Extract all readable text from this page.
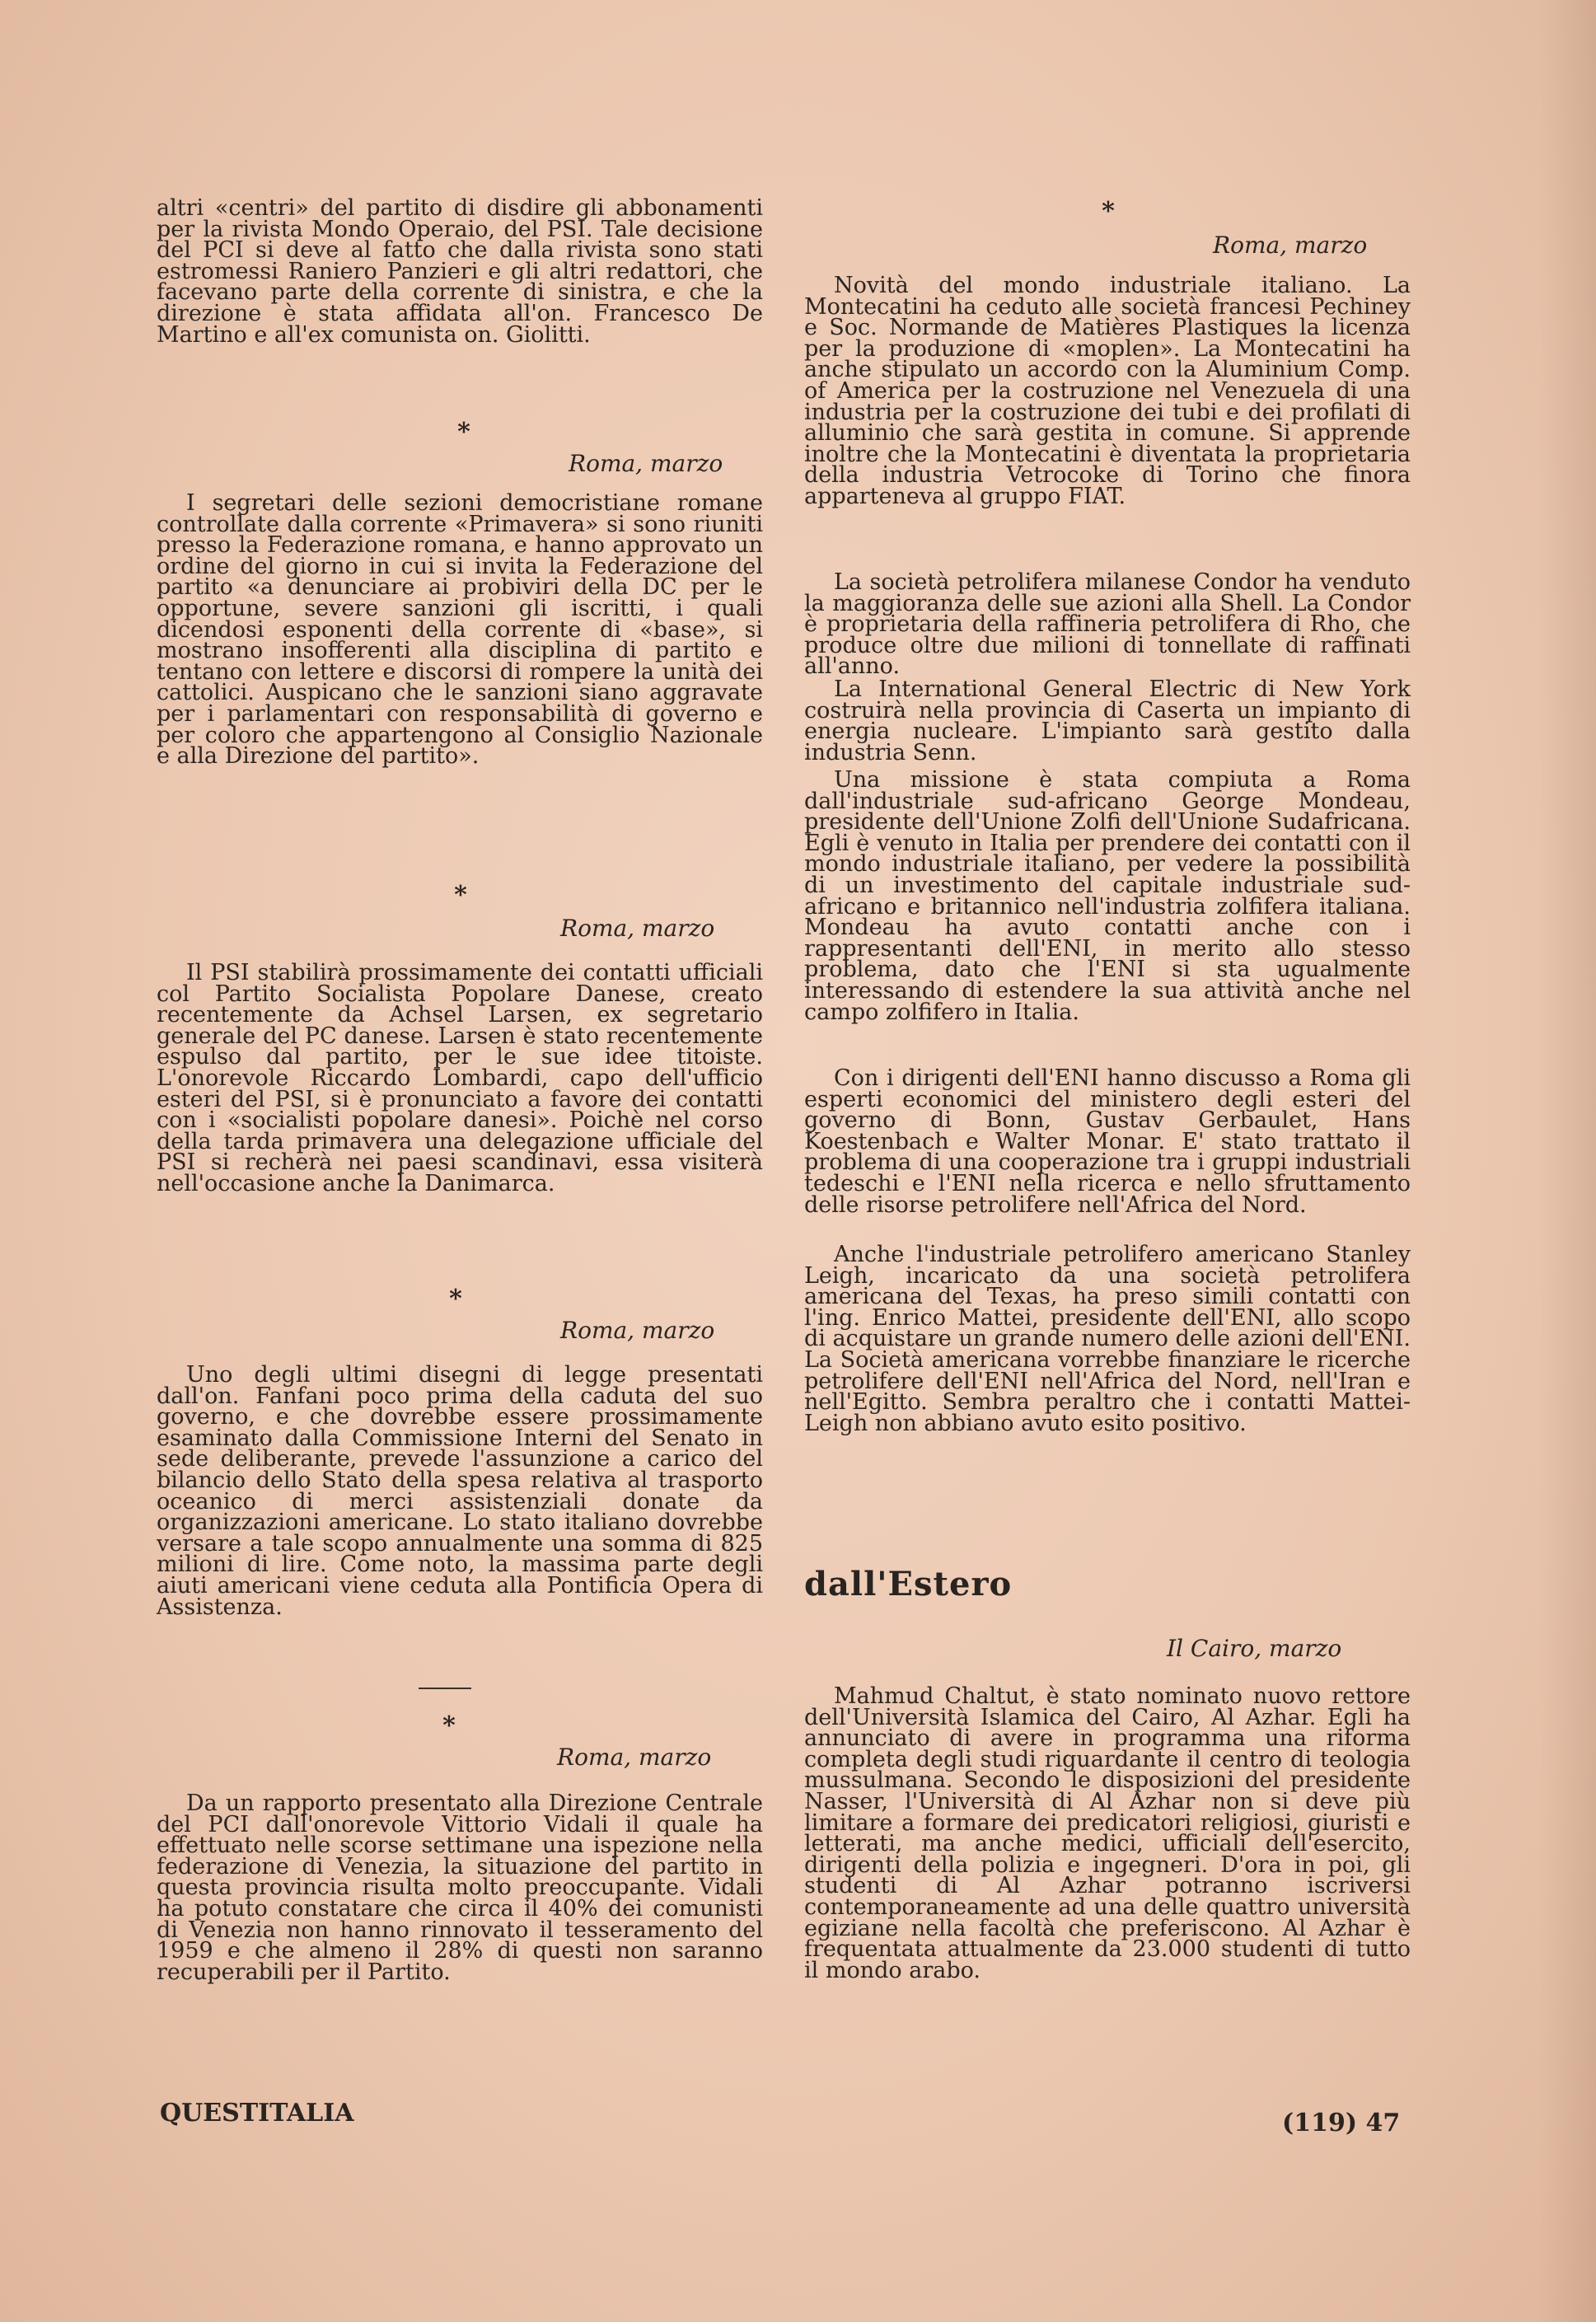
altri «centri» del partito di disdire gli abbonamenti per la rivista Mondo Operaio, del PSI. Tale decisione del PCI si deve al fatto che dalla rivista sono stati estromessi Raniero Panzieri e gli altri redattori, che facevano parte della corrente di sinistra, e che la direzione è stata affidata all'on. Francesco De Martino e all'ex comunista on. Giolitti.

*
Roma, marzo

I segretari delle sezioni democristiane romane controllate dalla corrente «Primavera» si sono riuniti presso la Federazione romana, e hanno approvato un ordine del giorno in cui si invita la Federazione del partito «a denunciare ai probiviri della DC per le opportune, severe sanzioni gli iscritti, i quali dicendosi esponenti della corrente di «base», si mostrano insofferenti alla disciplina di partito e tentano con lettere e discorsi di rompere la unità dei cattolici. Auspicano che le sanzioni siano aggravate per i parlamentari con responsabilità di governo e per coloro che appartengono al Consiglio Nazionale e alla Direzione del partito».

*
Roma, marzo

Il PSI stabilirà prossimamente dei contatti ufficiali col Partito Socialista Popolare Danese, creato recentemente da Achsel Larsen, ex segretario generale del PC danese. Larsen è stato recentemente espulso dal partito, per le sue idee titoiste. L'onorevole Riccardo Lombardi, capo dell'ufficio esteri del PSI, si è pronunciato a favore dei contatti con i «socialisti popolare danesi». Poichè nel corso della tarda primavera una delegazione ufficiale del PSI si recherà nei paesi scandinavi, essa visiterà nell'occasione anche la Danimarca.

*
Roma, marzo

Uno degli ultimi disegni di legge presentati dall'on. Fanfani poco prima della caduta del suo governo, e che dovrebbe essere prossimamente esaminato dalla Commissione Interni del Senato in sede deliberante, prevede l'assunzione a carico del bilancio dello Stato della spesa relativa al trasporto oceanico di merci assistenziali donate da organizzazioni americane. Lo stato italiano dovrebbe versare a tale scopo annualmente una somma di 825 milioni di lire. Come noto, la massima parte degli aiuti americani viene ceduta alla Pontificia Opera di Assistenza.

*
Roma, marzo

Da un rapporto presentato alla Direzione Centrale del PCI dall'onorevole Vittorio Vidali il quale ha effettuato nelle scorse settimane una ispezione nella federazione di Venezia, la situazione del partito in questa provincia risulta molto preoccupante. Vidali ha potuto constatare che circa il 40% dei comunisti di Venezia non hanno rinnovato il tesseramento del 1959 e che almeno il 28% di questi non saranno recuperabili per il Partito.

*
Roma, marzo

Novità del mondo industriale italiano. La Montecatini ha ceduto alle società francesi Pechiney e Soc. Normande de Matières Plastiques la licenza per la produzione di «moplen». La Montecatini ha anche stipulato un accordo con la Aluminium Comp. of America per la costruzione nel Venezuela di una industria per la costruzione dei tubi e dei profilati di alluminio che sarà gestita in comune. Si apprende inoltre che la Montecatini è diventata la proprietaria della industria Vetrocoke di Torino che finora apparteneva al gruppo FIAT.

La società petrolifera milanese Condor ha venduto la maggioranza delle sue azioni alla Shell. La Condor è proprietaria della raffineria petrolifera di Rho, che produce oltre due milioni di tonnellate di raffinati all'anno.

La International General Electric di New York costruirà nella provincia di Caserta un impianto di energia nucleare. L'impianto sarà gestito dalla industria Senn.

Una missione è stata compiuta a Roma dall'industriale sud-africano George Mondeau, presidente dell'Unione Zolfi dell'Unione Sudafricana. Egli è venuto in Italia per prendere dei contatti con il mondo industriale italiano, per vedere la possibilità di un investimento del capitale industriale sud-africano e britannico nell'industria zolfifera italiana. Mondeau ha avuto contatti anche con i rappresentanti dell'ENI, in merito allo stesso problema, dato che l'ENI si sta ugualmente interessando di estendere la sua attività anche nel campo zolfifero in Italia.

Con i dirigenti dell'ENI hanno discusso a Roma gli esperti economici del ministero degli esteri del governo di Bonn, Gustav Gerbaulet, Hans Koestenbach e Walter Monar. E' stato trattato il problema di una cooperazione tra i gruppi industriali tedeschi e l'ENI nella ricerca e nello sfruttamento delle risorse petrolifere nell'Africa del Nord.

Anche l'industriale petrolifero americano Stanley Leigh, incaricato da una società petrolifera americana del Texas, ha preso simili contatti con l'ing. Enrico Mattei, presidente dell'ENI, allo scopo di acquistare un grande numero delle azioni dell'ENI. La Società americana vorrebbe finanziare le ricerche petrolifere dell'ENI nell'Africa del Nord, nell'Iran e nell'Egitto. Sembra peraltro che i contatti Mattei-Leigh non abbiano avuto esito positivo.

Il Cairo, marzo

Mahmud Chaltut, è stato nominato nuovo rettore dell'Università Islamica del Cairo, Al Azhar. Egli ha annunciato di avere in programma una riforma completa degli studi riguardante il centro di teologia mussulmana. Secondo le disposizioni del presidente Nasser, l'Università di Al Azhar non si deve più limitare a formare dei predicatori religiosi, giuristi e letterati, ma anche medici, ufficiali dell'esercito, dirigenti della polizia e ingegneri. D'ora in poi, gli studenti di Al Azhar potranno iscriversi contemporaneamente ad una delle quattro università egiziane nella facoltà che preferiscono. Al Azhar è frequentata attualmente da 23.000 studenti di tutto il mondo arabo.

dall'Estero
QUESTITALIA	(119) 47
